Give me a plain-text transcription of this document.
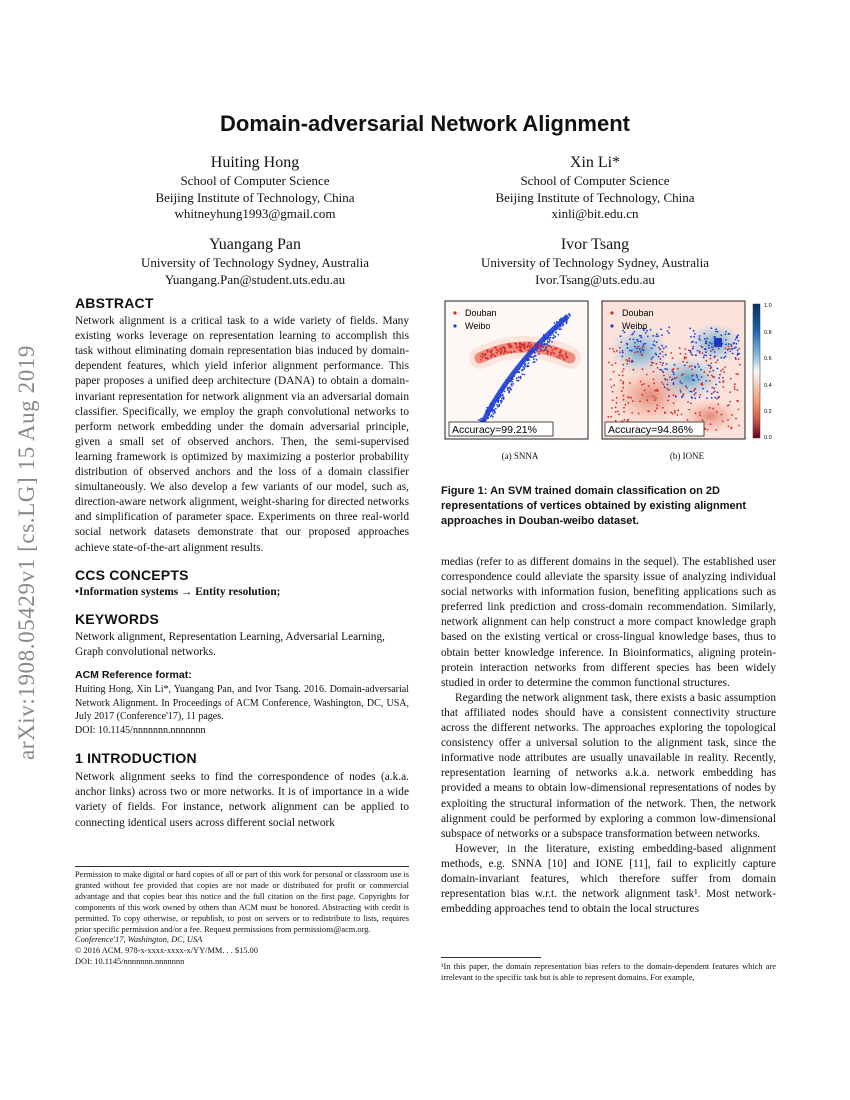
arXiv:1908.05429v1 [cs.LG] 15 Aug 2019
Domain-adversarial Network Alignment
Huiting Hong
School of Computer Science
Beijing Institute of Technology, China
whitneyhung1993@gmail.com
Xin Li*
School of Computer Science
Beijing Institute of Technology, China
xinli@bit.edu.cn
Yuangang Pan
University of Technology Sydney, Australia
Yuangang.Pan@student.uts.edu.au
Ivor Tsang
University of Technology Sydney, Australia
Ivor.Tsang@uts.edu.au
ABSTRACT

Network alignment is a critical task to a wide variety of fields. Many existing works leverage on representation learning to accomplish this task without eliminating domain representation bias induced by domain-dependent features, which yield inferior alignment performance. This paper proposes a unified deep architecture (DANA) to obtain a domain-invariant representation for network alignment via an adversarial domain classifier. Specifically, we employ the graph convolutional networks to perform network embedding under the domain adversarial principle, given a small set of observed anchors. Then, the semi-supervised learning framework is optimized by maximizing a posterior probability distribution of observed anchors and the loss of a domain classifier simultaneously. We also develop a few variants of our model, such as, direction-aware network alignment, weight-sharing for directed networks and simplification of parameter space. Experiments on three real-world social network datasets demonstrate that our proposed approaches achieve state-of-the-art alignment results.

CCS CONCEPTS

•Information systems → Entity resolution;

KEYWORDS

Network alignment, Representation Learning, Adversarial Learning, Graph convolutional networks.

ACM Reference format:

Huiting Hong, Xin Li*, Yuangang Pan, and Ivor Tsang. 2016. Domain-adversarial Network Alignment. In Proceedings of ACM Conference, Washington, DC, USA, July 2017 (Conference'17), 11 pages.

DOI: 10.1145/nnnnnnn.nnnnnnn

1 INTRODUCTION

Network alignment seeks to find the correspondence of nodes (a.k.a. anchor links) across two or more networks. It is of importance in a wide variety of fields. For instance, network alignment can be applied to connecting identical users across different social network

Permission to make digital or hard copies of all or part of this work for personal or classroom use is granted without fee provided that copies are not made or distributed for profit or commercial advantage and that copies bear this notice and the full citation on the first page. Copyrights for components of this work owned by others than ACM must be honored. Abstracting with credit is permitted. To copy otherwise, or republish, to post on servers or to redistribute to lists, requires prior specific permission and/or a fee. Request permissions from permissions@acm.org.

Conference'17, Washington, DC, USA

© 2016 ACM. 978-x-xxxx-xxxx-x/YY/MM. . . $15.00

DOI: 10.1145/nnnnnnn.nnnnnnn

Douban
Weibo
Accuracy=99.21%
Douban
Weibo
Accuracy=94.86%
1.0
0.8
0.6
0.4
0.2
0.0
(a) SNNA	(b) IONE
Figure 1: An SVM trained domain classification on 2D representations of vertices obtained by existing alignment approaches in Douban-weibo dataset.

medias (refer to as different domains in the sequel). The established user correspondence could alleviate the sparsity issue of analyzing individual social networks with information fusion, benefiting applications such as preferred link prediction and cross-domain recommendation. Similarly, network alignment can help construct a more compact knowledge graph based on the existing vertical or cross-lingual knowledge bases, thus to obtain better knowledge inference. In Bioinformatics, aligning protein-protein interaction networks from different species has been widely studied in order to determine the common functional structures.

Regarding the network alignment task, there exists a basic assumption that affiliated nodes should have a consistent connectivity structure across the different networks. The approaches exploring the topological consistency offer a universal solution to the alignment task, since the informative node attributes are usually unavailable in reality. Recently, representation learning of networks a.k.a. network embedding has provided a means to obtain low-dimensional representations of nodes by exploiting the structural information of the network. Then, the network alignment could be performed by exploring a common low-dimensional subspace of networks or a subspace transformation between networks.

However, in the literature, existing embedding-based alignment methods, e.g. SNNA [10] and IONE [11], fail to explicitly capture domain-invariant features, which therefore suffer from domain representation bias w.r.t. the network alignment task¹. Most network-embedding approaches tend to obtain the local structures

¹In this paper, the domain representation bias refers to the domain-dependent features which are irrelevant to the specific task but is able to represent domains. For example,
